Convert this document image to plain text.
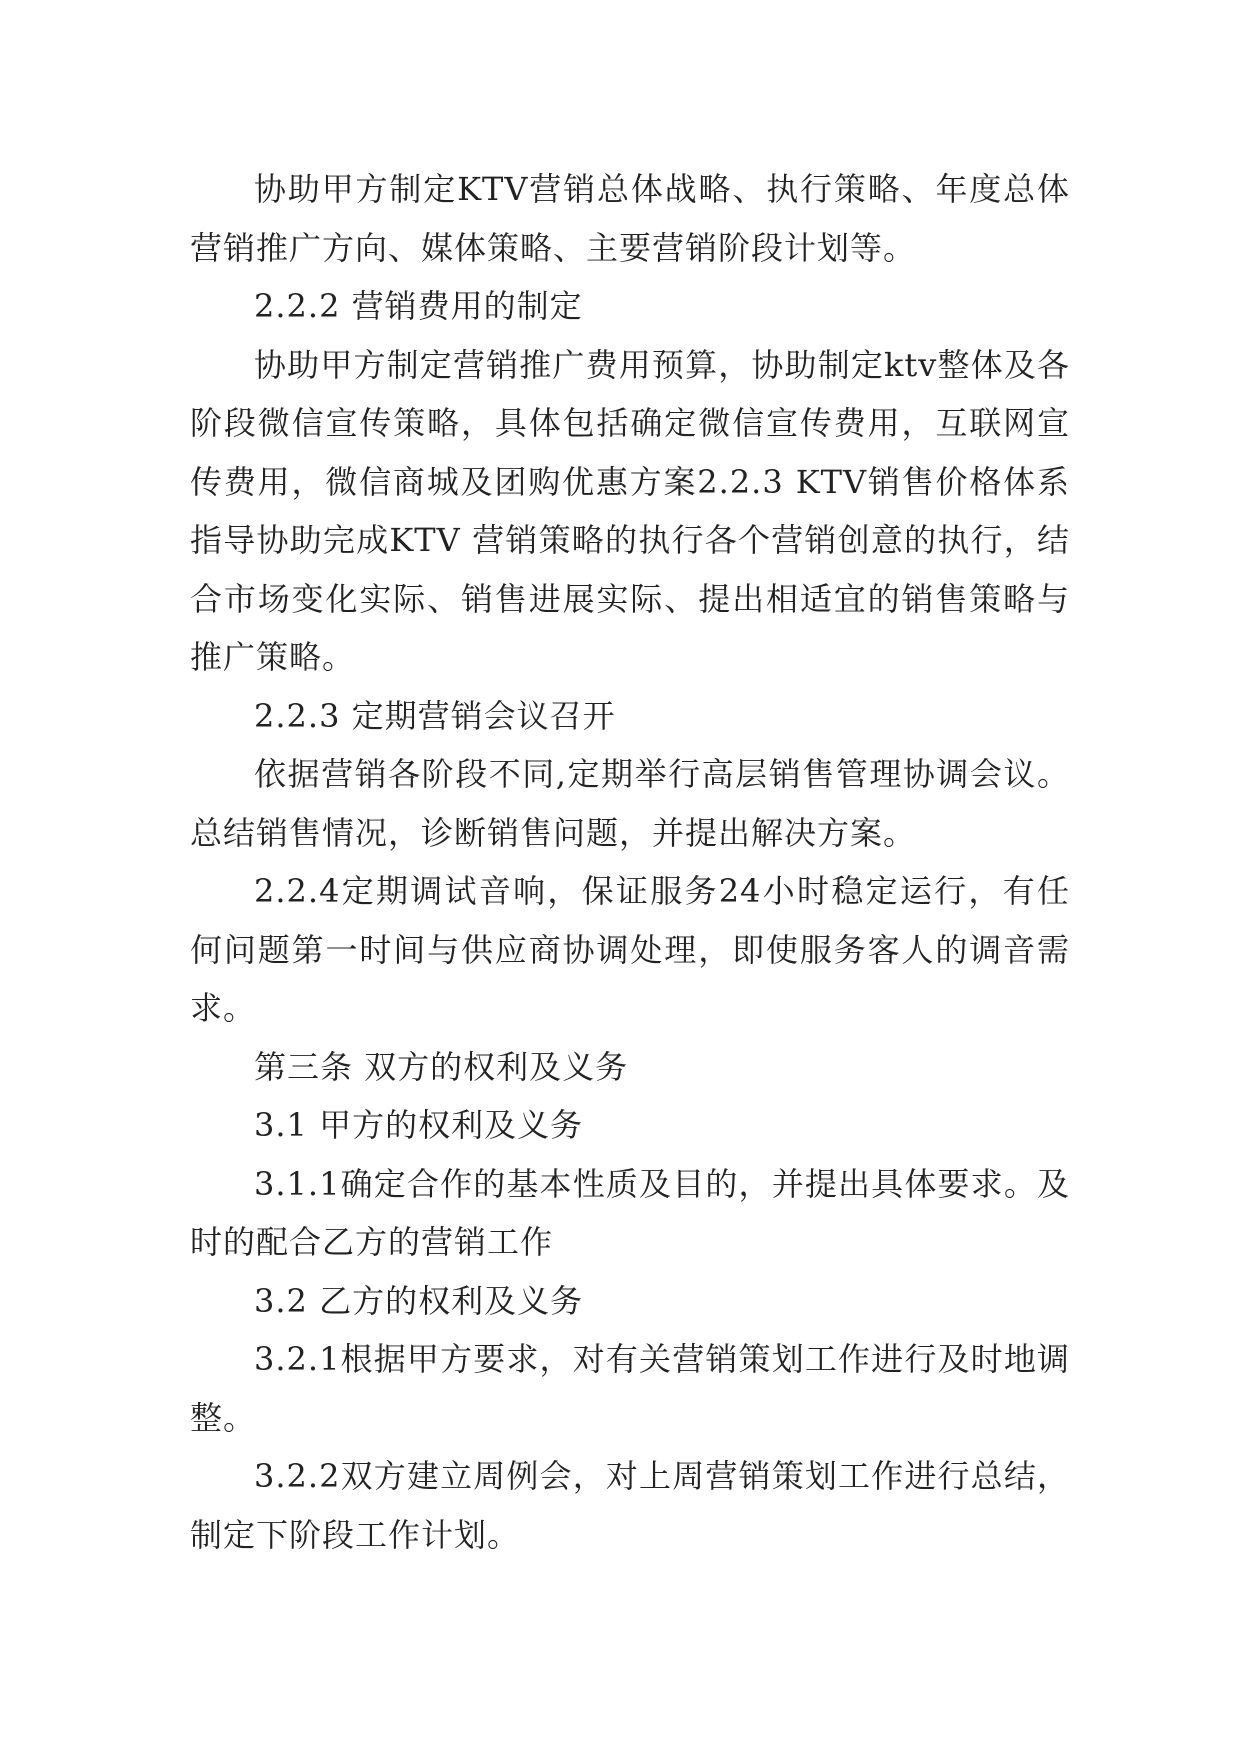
协助甲方制定KTV营销总体战略、执行策略、年度总体营销推广方向、媒体策略、主要营销阶段计划等。

2.2.2 营销费用的制定

协助甲方制定营销推广费用预算，协助制定ktv整体及各阶段微信宣传策略，具体包括确定微信宣传费用，互联网宣传费用，微信商城及团购优惠方案2.2.3 KTV销售价格体系指导协助完成KTV 营销策略的执行各个营销创意的执行，结合市场变化实际、销售进展实际、提出相适宜的销售策略与推广策略。

2.2.3 定期营销会议召开

依据营销各阶段不同,定期举行高层销售管理协调会议。总结销售情况，诊断销售问题，并提出解决方案。

2.2.4定期调试音响，保证服务24小时稳定运行，有任何问题第一时间与供应商协调处理，即使服务客人的调音需求。

第三条 双方的权利及义务

3.1 甲方的权利及义务

3.1.1确定合作的基本性质及目的，并提出具体要求。及时的配合乙方的营销工作

3.2 乙方的权利及义务

3.2.1根据甲方要求，对有关营销策划工作进行及时地调整。

3.2.2双方建立周例会，对上周营销策划工作进行总结，制定下阶段工作计划。
